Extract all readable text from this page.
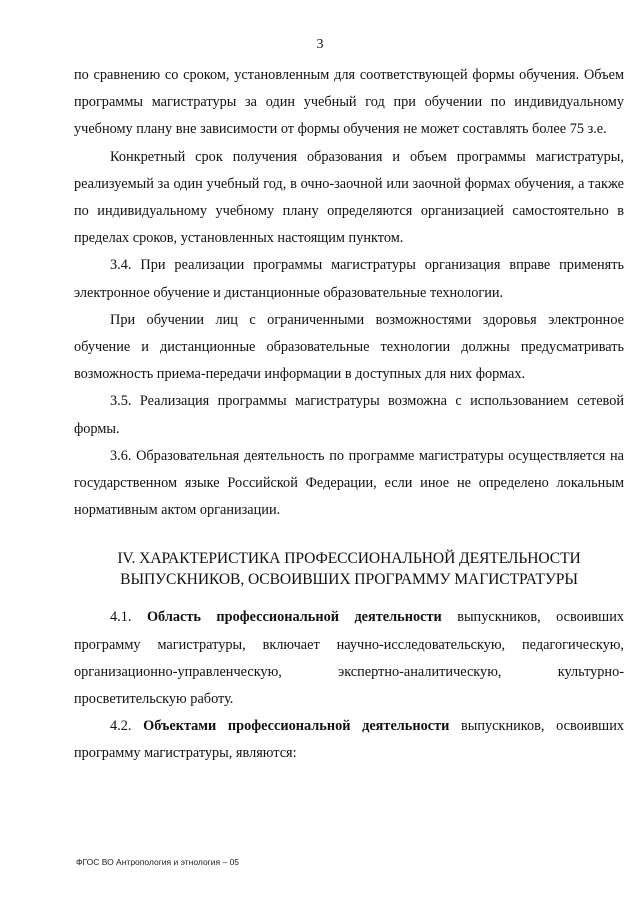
3

по сравнению со сроком, установленным для соответствующей формы обучения. Объем программы магистратуры за один учебный год при обучении по индивидуальному учебному плану вне зависимости от формы обучения не может составлять более 75 з.е.

Конкретный срок получения образования и объем программы магистратуры, реализуемый за один учебный год, в очно-заочной или заочной формах обучения, а также по индивидуальному учебному плану определяются организацией самостоятельно в пределах сроков, установленных настоящим пунктом.

3.4. При реализации программы магистратуры организация вправе применять электронное обучение и дистанционные образовательные технологии.

При обучении лиц с ограниченными возможностями здоровья электронное обучение и дистанционные образовательные технологии должны предусматривать возможность приема-передачи информации в доступных для них формах.

3.5. Реализация программы магистратуры возможна с использованием сетевой формы.

3.6. Образовательная деятельность по программе магистратуры осуществляется на государственном языке Российской Федерации, если иное не определено локальным нормативным актом организации.

IV. ХАРАКТЕРИСТИКА ПРОФЕССИОНАЛЬНОЙ ДЕЯТЕЛЬНОСТИ
ВЫПУСКНИКОВ, ОСВОИВШИХ ПРОГРАММУ МАГИСТРАТУРЫ

4.1. Область профессиональной деятельности выпускников, освоивших программу магистратуры, включает научно-исследовательскую, педагогическую, организационно-управленческую, экспертно-аналитическую, культурно-просветительскую работу.

4.2. Объектами профессиональной деятельности выпускников, освоивших программу магистратуры, являются:

ФГОС ВО Антропология и этнология – 05
